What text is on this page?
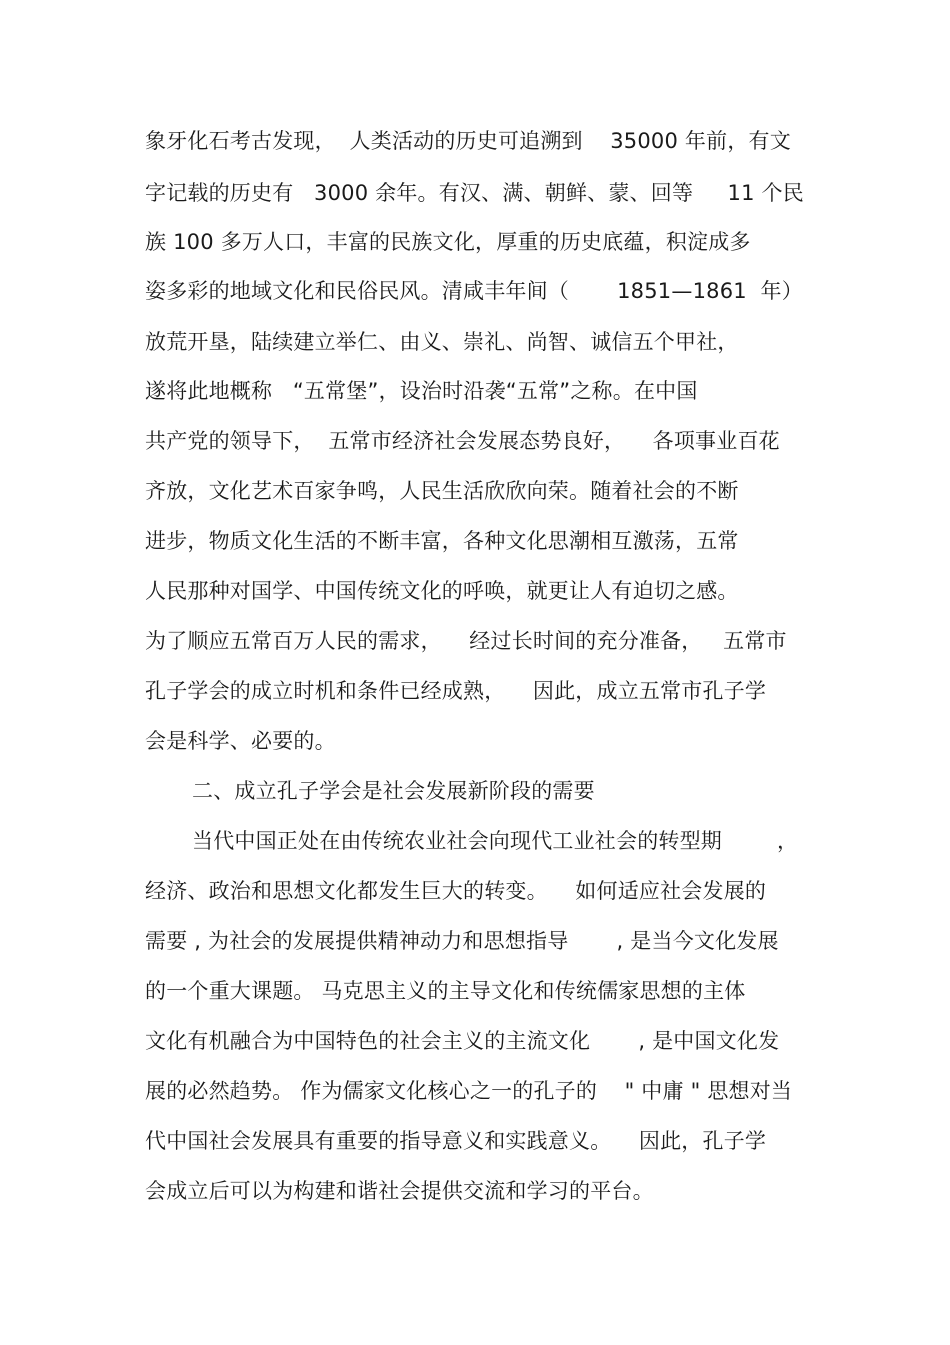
象牙化石考古发现，  人类活动的历史可追溯到    35000 年前，有文
字记载的历史有   3000 余年。有汉、满、朝鲜、蒙、回等     11 个民
族 100 多万人口，丰富的民族文化，厚重的历史底蕴，积淀成多
姿多彩的地域文化和民俗民风。清咸丰年间（       1851—1861  年）
放荒开垦，陆续建立举仁、由义、崇礼、尚智、诚信五个甲社，
遂将此地概称   “五常堡”，设治时沿袭“五常”之称。在中国
共产党的领导下，  五常市经济社会发展态势良好，    各项事业百花
齐放，文化艺术百家争鸣，人民生活欣欣向荣。随着社会的不断
进步，物质文化生活的不断丰富，各种文化思潮相互激荡，五常
人民那种对国学、中国传统文化的呼唤，就更让人有迫切之感。
为了顺应五常百万人民的需求，    经过长时间的充分准备，   五常市
孔子学会的成立时机和条件已经成熟，    因此，成立五常市孔子学
会是科学、必要的。
二、成立孔子学会是社会发展新阶段的需要
当代中国正处在由传统农业社会向现代工业社会的转型期        ，
经济、政治和思想文化都发生巨大的转变。    如何适应社会发展的
需要 , 为社会的发展提供精神动力和思想指导       , 是当今文化发展
的一个重大课题。 马克思主义的主导文化和传统儒家思想的主体
文化有机融合为中国特色的社会主义的主流文化       , 是中国文化发
展的必然趋势。 作为儒家文化核心之一的孔子的    " 中庸 " 思想对当
代中国社会发展具有重要的指导意义和实践意义。    因此，孔子学
会成立后可以为构建和谐社会提供交流和学习的平台。
